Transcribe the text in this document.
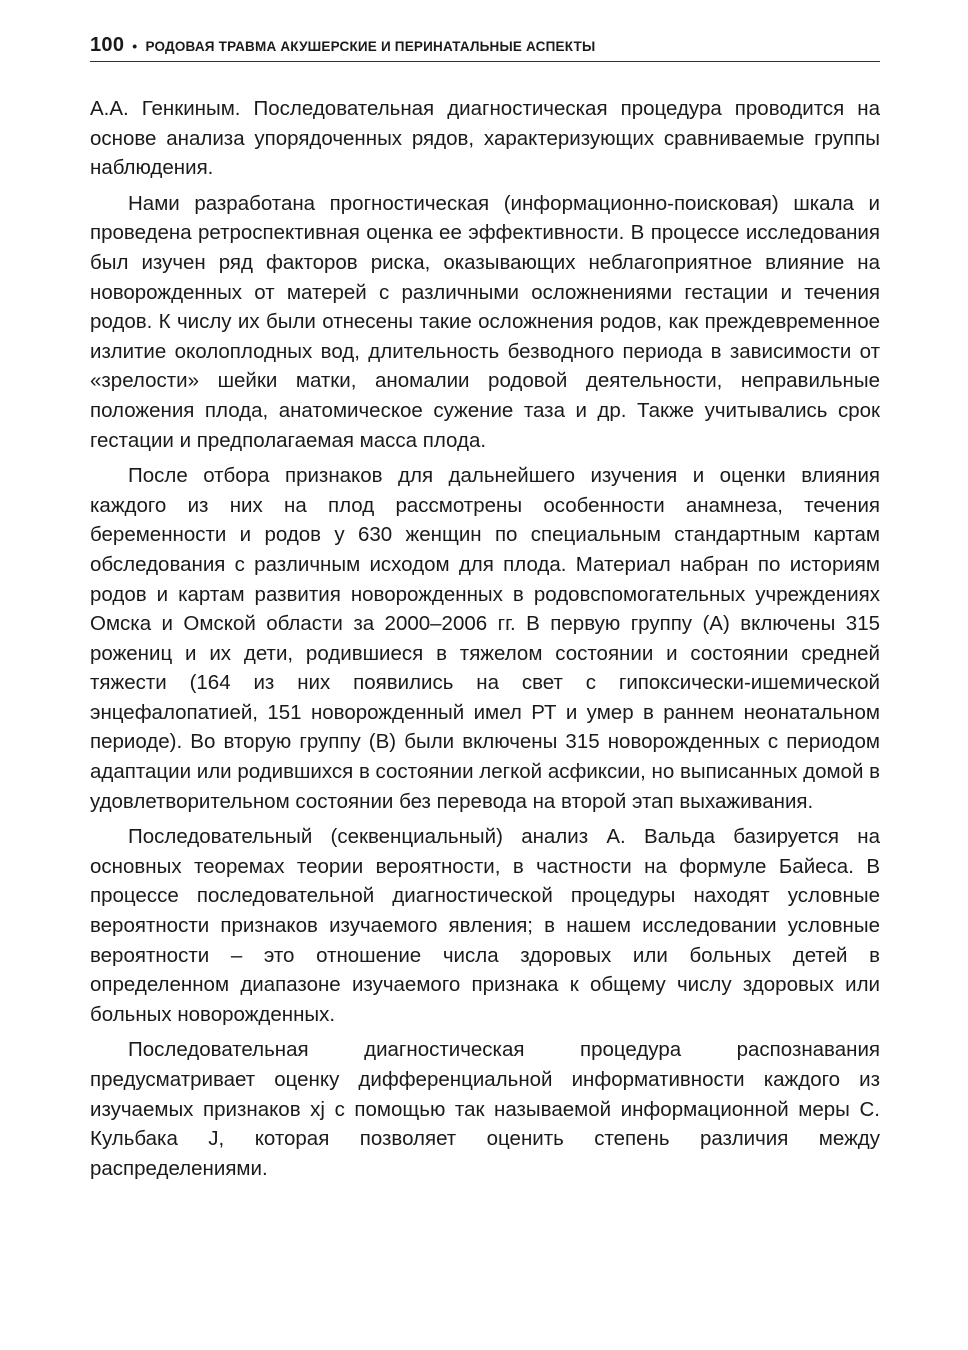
100 • РОДОВАЯ ТРАВМА АКУШЕРСКИЕ И ПЕРИНАТАЛЬНЫЕ АСПЕКТЫ

А.А. Генкиным. Последовательная диагностическая процедура проводится на основе анализа упорядоченных рядов, характеризующих сравниваемые группы наблюдения.

Нами разработана прогностическая (информационно-поисковая) шкала и проведена ретроспективная оценка ее эффективности. В процессе исследования был изучен ряд факторов риска, оказывающих неблагоприятное влияние на новорожденных от матерей с различными осложнениями гестации и течения родов. К числу их были отнесены такие осложнения родов, как преждевременное излитие околоплодных вод, длительность безводного периода в зависимости от «зрелости» шейки матки, аномалии родовой деятельности, неправильные положения плода, анатомическое сужение таза и др. Также учитывались срок гестации и предполагаемая масса плода.

После отбора признаков для дальнейшего изучения и оценки влияния каждого из них на плод рассмотрены особенности анамнеза, течения беременности и родов у 630 женщин по специальным стандартным картам обследования с различным исходом для плода. Материал набран по историям родов и картам развития новорожденных в родовспомогательных учреждениях Омска и Омской области за 2000–2006 гг. В первую группу (А) включены 315 рожениц и их дети, родившиеся в тяжелом состоянии и состоянии средней тяжести (164 из них появились на свет с гипоксически-ишемической энцефалопатией, 151 новорожденный имел РТ и умер в раннем неонатальном периоде). Во вторую группу (В) были включены 315 новорожденных с периодом адаптации или родившихся в состоянии легкой асфиксии, но выписанных домой в удовлетворительном состоянии без перевода на второй этап выхаживания.

Последовательный (секвенциальный) анализ А. Вальда базируется на основных теоремах теории вероятности, в частности на формуле Байеса. В процессе последовательной диагностической процедуры находят условные вероятности признаков изучаемого явления; в нашем исследовании условные вероятности – это отношение числа здоровых или больных детей в определенном диапазоне изучаемого признака к общему числу здоровых или больных новорожденных.

Последовательная диагностическая процедура распознавания предусматривает оценку дифференциальной информативности каждого из изучаемых признаков xj с помощью так называемой информационной меры С. Кульбака J, которая позволяет оценить степень различия между распределениями.
